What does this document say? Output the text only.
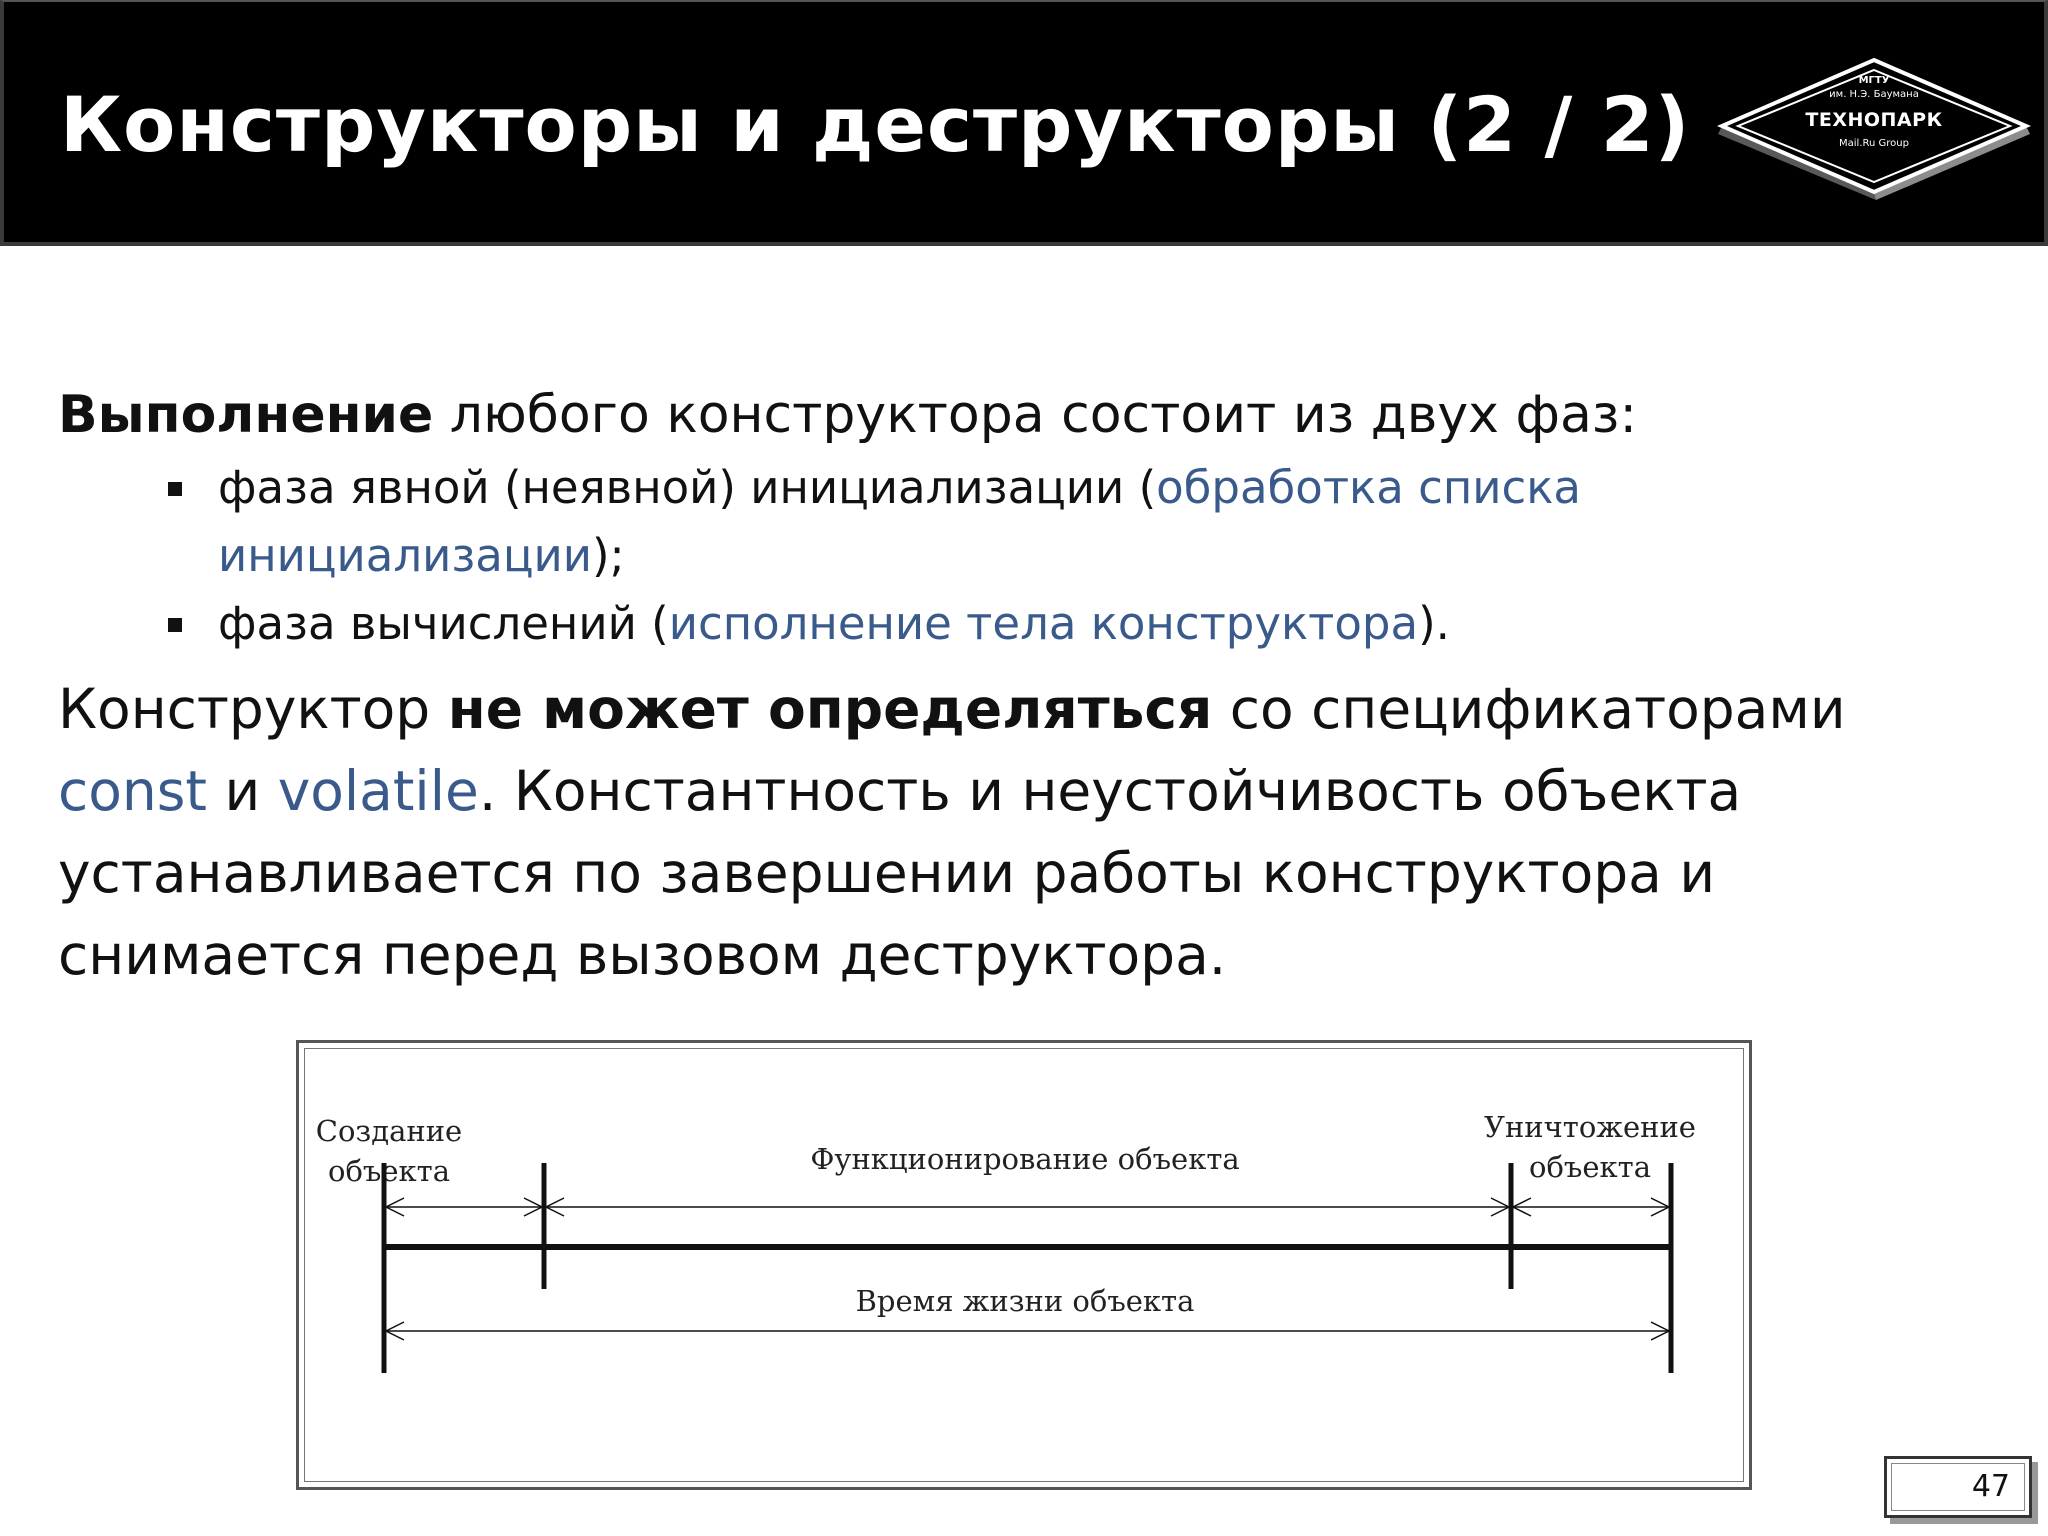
Конструкторы и деструкторы (2 / 2)	МГТУ
им. Н.Э. Баумана
ТЕХНОПАРК
Mail.Ru Group
Выполнение любого конструктора состоит из двух фаз:
фаза явной (неявной) инициализации (обработка списка инициализации);
фаза вычислений (исполнение тела конструктора).
Конструктор не может определяться со спецификаторами const и volatile. Константность и неустойчивость объекта устанавливается по завершении работы конструктора и снимается перед вызовом деструктора.
Создание
объекта	Функционирование объекта
Уничтожение
объекта
Время жизни объекта
47
